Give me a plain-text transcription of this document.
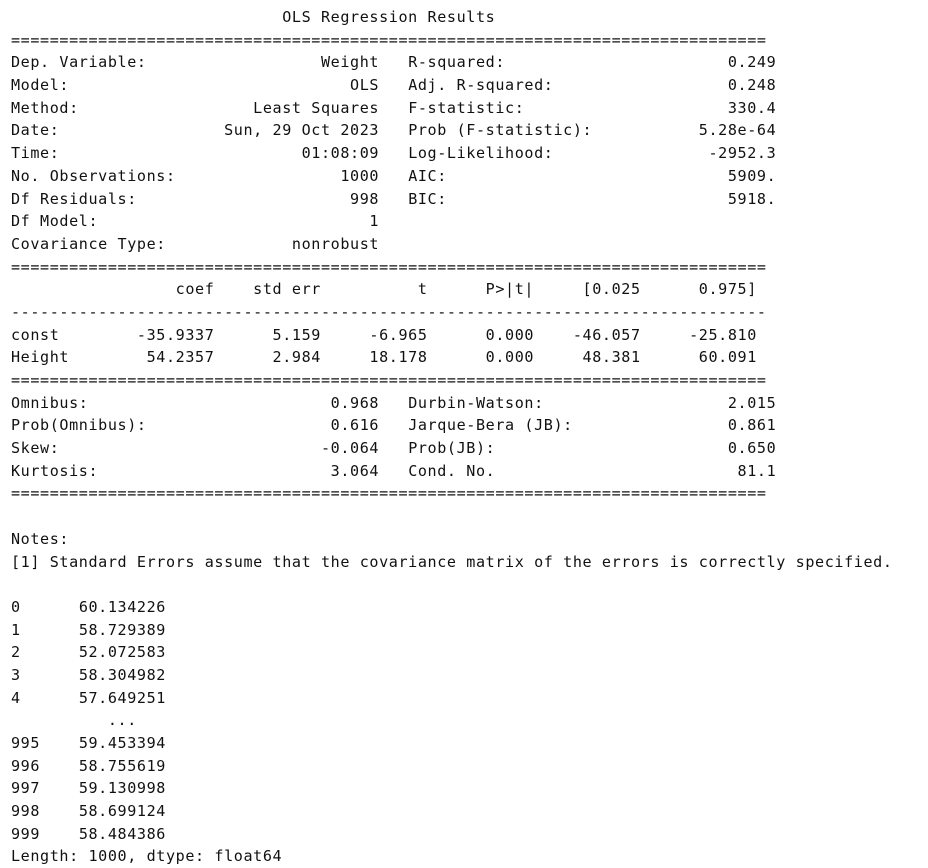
OLS Regression Results
==============================================================================
Dep. Variable:                  Weight R-squared:                       0.249
Model:                             OLS Adj. R-squared:                  0.248
Method:                  Least Squares F-statistic:                     330.4
Date:                 Sun, 29 Oct 2023 Prob (F-statistic):           5.28e-64
Time:                         01:08:09 Log-Likelihood:                -2952.3
No. Observations:                 1000 AIC:                             5909.
Df Residuals:                      998 BIC:                             5918.
Df Model:                            1
Covariance Type:             nonrobust
==============================================================================
coef    std err          t      P>|t|     [0.025      0.975]
------------------------------------------------------------------------------
const        -35.9337      5.159     -6.965      0.000    -46.057     -25.810
Height        54.2357      2.984     18.178      0.000     48.381      60.091
==============================================================================
Omnibus:                         0.968 Durbin-Watson:                   2.015
Prob(Omnibus):                   0.616 Jarque-Bera (JB):                0.861
Skew:                           -0.064 Prob(JB):                        0.650
Kurtosis:                        3.064 Cond. No.                         81.1
==============================================================================

Notes:
[1] Standard Errors assume that the covariance matrix of the errors is correctly specified.

0      60.134226
1      58.729389
2      52.072583
3      58.304982
4      57.649251
...
995    59.453394
996    58.755619
997    59.130998
998    58.699124
999    58.484386
Length: 1000, dtype: float64
